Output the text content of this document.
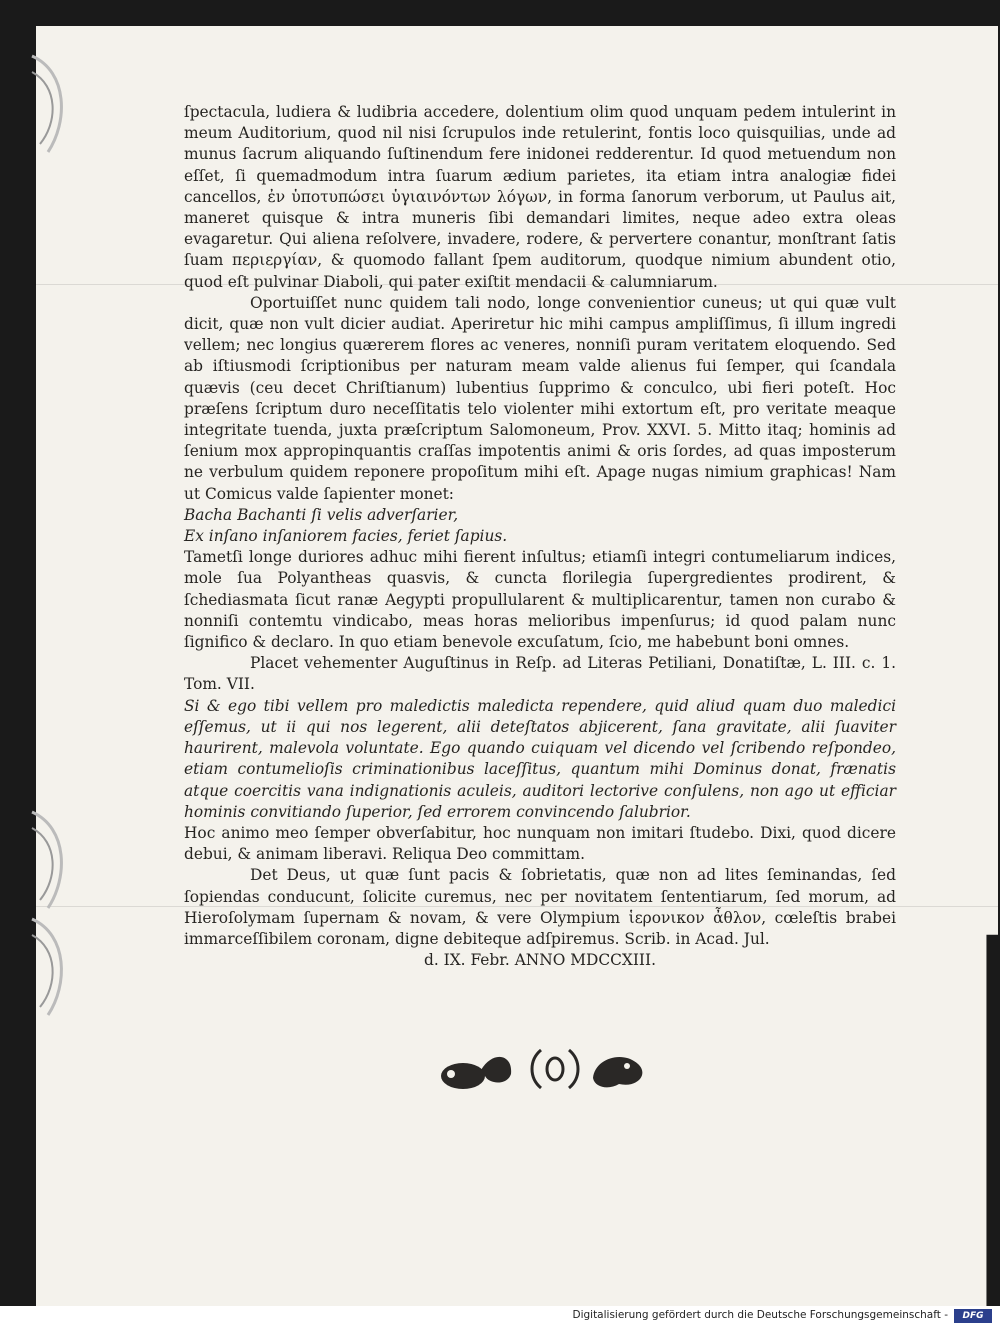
ſpectacula, ludiera & ludibria accedere, dolentium olim quod unquam pedem intulerint in meum Auditorium, quod nil nisi ſcrupulos inde retulerint, fontis loco quisquilias, unde ad munus ſacrum aliquando ſuſtinendum fere inidonei redderentur. Id quod metuendum non eſſet, ſi quemadmodum intra ſuarum ædium parietes, ita etiam intra analogiæ fidei cancellos, ἐν ὑποτυπώσει ὑγιαινόντων λόγων, in forma ſanorum verborum, ut Paulus ait, maneret quisque & intra muneris ſibi demandari limites, neque adeo extra oleas evagaretur. Qui aliena reſolvere, invadere, rodere, & pervertere conantur, monſtrant ſatis ſuam περιεργίαν, & quomodo fallant ſpem auditorum, quodque nimium abundent otio, quod eſt pulvinar Diaboli, qui pater exiſtit mendacii & calumniarum.

Oportuiſſet nunc quidem tali nodo, longe convenientior cuneus; ut qui quæ vult dicit, quæ non vult dicier audiat. Aperiretur hic mihi campus ampliſſimus, ſi illum ingredi vellem; nec longius quærerem flores ac veneres, nonniſi puram veritatem eloquendo. Sed ab iſtiusmodi ſcriptionibus per naturam meam valde alienus fui ſemper, qui ſcandala quævis (ceu decet Chriſtianum) lubentius ſupprimo & conculco, ubi fieri poteſt. Hoc præſens ſcriptum duro neceſſitatis telo violenter mihi extortum eſt, pro veritate meaque integritate tuenda, juxta præſcriptum Salomoneum, Prov. XXVI. 5. Mitto itaq; hominis ad ſenium mox appropinquantis craſſas impotentis animi & oris ſordes, ad quas imposterum ne verbulum quidem reponere propoſitum mihi eſt. Apage nugas nimium graphicas! Nam ut Comicus valde ſapienter monet:

Bacha Bachanti ſi velis adverſarier,

Ex inſano inſaniorem facies, feriet ſapius.

Tametſi longe duriores adhuc mihi fierent inſultus; etiamſi integri contumeliarum indices, mole ſua Polyantheas quasvis, & cuncta florilegia ſupergredientes prodirent, & ſchediasmata ſicut ranæ Aegypti propullularent & multiplicarentur, tamen non curabo & nonniſi contemtu vindicabo, meas horas melioribus impenſurus; id quod palam nunc ſignifico & declaro. In quo etiam benevole excuſatum, ſcio, me habebunt boni omnes.

Placet vehementer Auguſtinus in Reſp. ad Literas Petiliani, Donatiſtæ, L. III. c. 1. Tom. VII.

Si & ego tibi vellem pro maledictis maledicta rependere, quid aliud quam duo maledici eſſemus, ut ii qui nos legerent, alii deteſtatos abjicerent, ſana gravitate, alii ſuaviter haurirent, malevola voluntate. Ego quando cuiquam vel dicendo vel ſcribendo reſpondeo, etiam contumelioſis criminationibus laceſſitus, quantum mihi Dominus donat, frænatis atque coercitis vana indignationis aculeis, auditori lectorive conſulens, non ago ut efficiar hominis convitiando ſuperior, ſed errorem convincendo ſalubrior.

Hoc animo meo ſemper obverſabitur, hoc nunquam non imitari ſtudebo. Dixi, quod dicere debui, & animam liberavi. Reliqua Deo committam.

Det Deus, ut quæ ſunt pacis & ſobrietatis, quæ non ad lites ſeminandas, ſed ſopiendas conducunt, ſolicite curemus, nec per novitatem ſententiarum, ſed morum, ad Hieroſolymam ſupernam & novam, & vere Olympium ἱερονικον ἆθλον, cœleſtis brabei immarceſſibilem coronam, digne debiteque adſpiremus. Scrib. in Acad. Jul.

d. IX. Febr. ANNO MDCCXIII.

Digitalisierung gefördert durch die Deutsche Forschungsgemeinschaft -	DFG
